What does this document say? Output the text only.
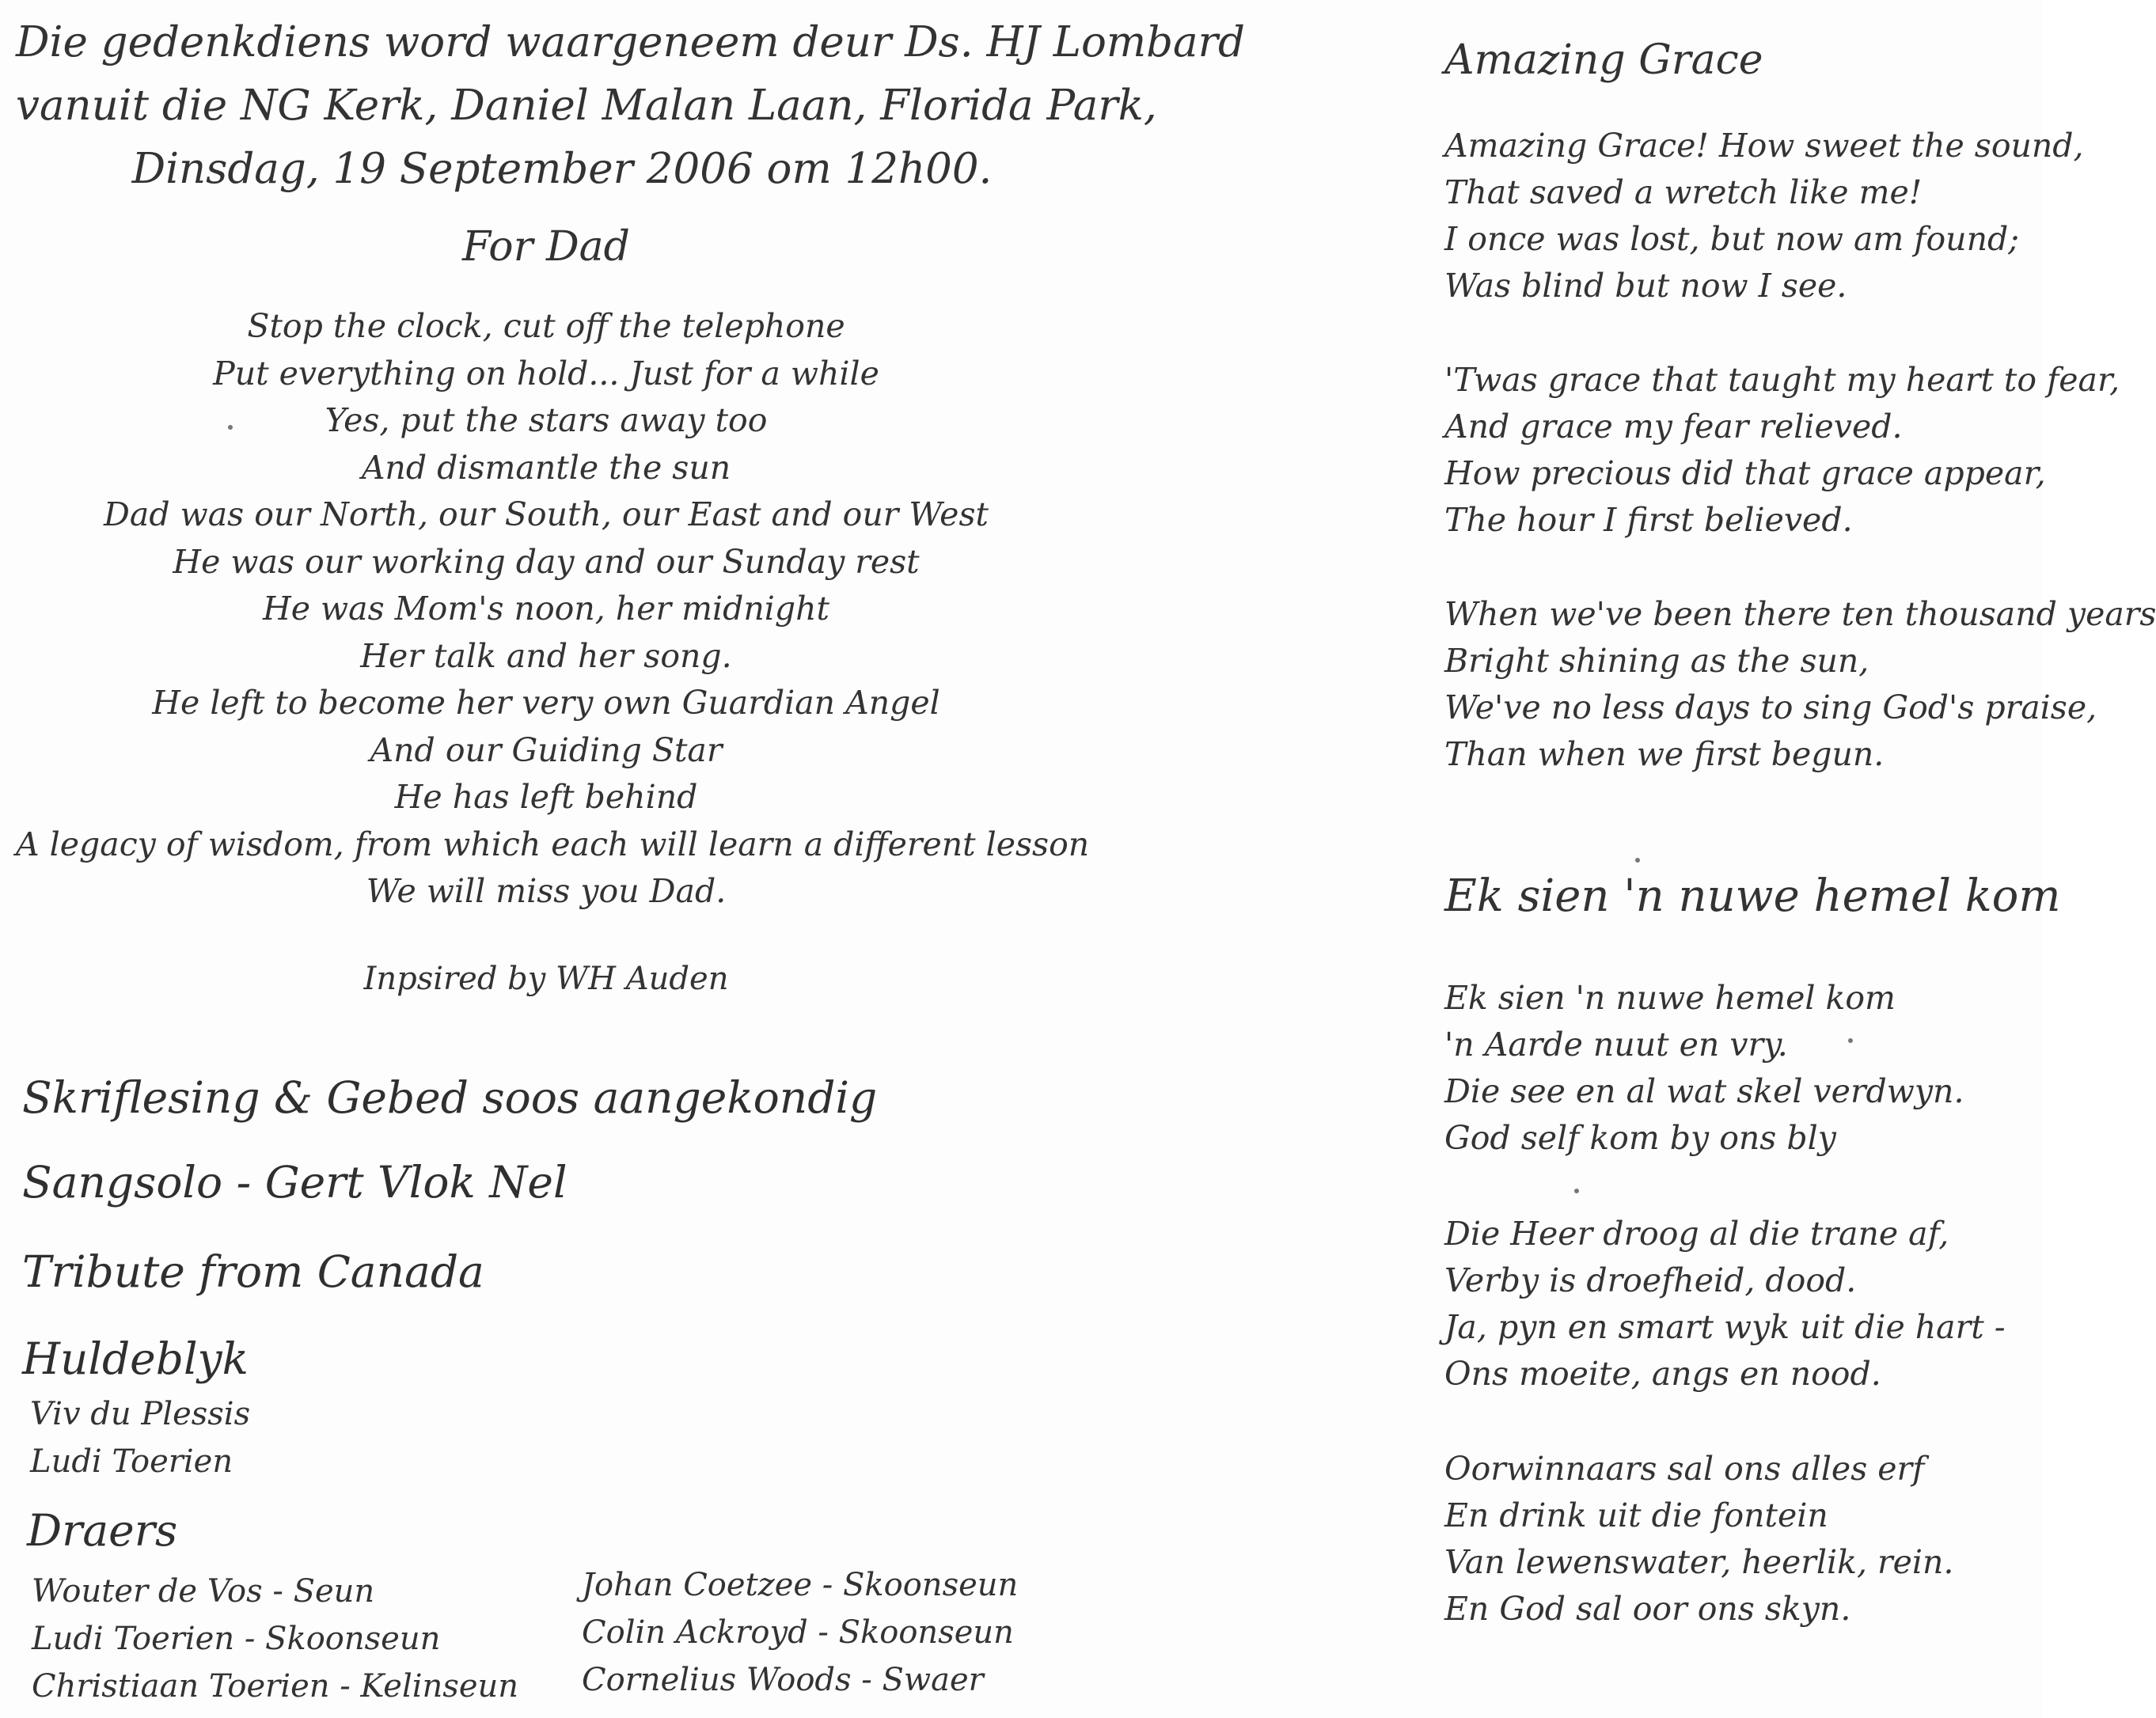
Die gedenkdiens word waargeneem deur Ds. HJ Lombard
vanuit die NG Kerk, Daniel Malan Laan, Florida Park,
Dinsdag, 19 September 2006 om 12h00.
For Dad
Stop the clock, cut off the telephone
Put everything on hold... Just for a while
Yes, put the stars away too
And dismantle the sun
Dad was our North, our South, our East and our West
He was our working day and our Sunday rest
He was Mom's noon, her midnight
Her talk and her song.
He left to become her very own Guardian Angel
And our Guiding Star
He has left behind
A legacy of wisdom, from which each will learn a different lesson
We will miss you Dad.
Inpsired by WH Auden
Skriflesing & Gebed soos aangekondig
Sangsolo - Gert Vlok Nel
Tribute from Canada
Huldeblyk
Viv du Plessis
Ludi Toerien
Draers
Wouter de Vos - Seun
Ludi Toerien - Skoonseun
Christiaan Toerien - Kelinseun
Johan Coetzee - Skoonseun
Colin Ackroyd - Skoonseun
Cornelius Woods - Swaer
Amazing Grace
Amazing Grace! How sweet the sound,
That saved a wretch like me!
I once was lost, but now am found;
Was blind but now I see.
'Twas grace that taught my heart to fear,
And grace my fear relieved.
How precious did that grace appear,
The hour I first believed.
When we've been there ten thousand years
Bright shining as the sun,
We've no less days to sing God's praise,
Than when we first begun.
Ek sien 'n nuwe hemel kom
Ek sien 'n nuwe hemel kom
'n Aarde nuut en vry.
Die see en al wat skel verdwyn.
God self kom by ons bly
Die Heer droog al die trane af,
Verby is droefheid, dood.
Ja, pyn en smart wyk uit die hart -
Ons moeite, angs en nood.
Oorwinnaars sal ons alles erf
En drink uit die fontein
Van lewenswater, heerlik, rein.
En God sal oor ons skyn.
